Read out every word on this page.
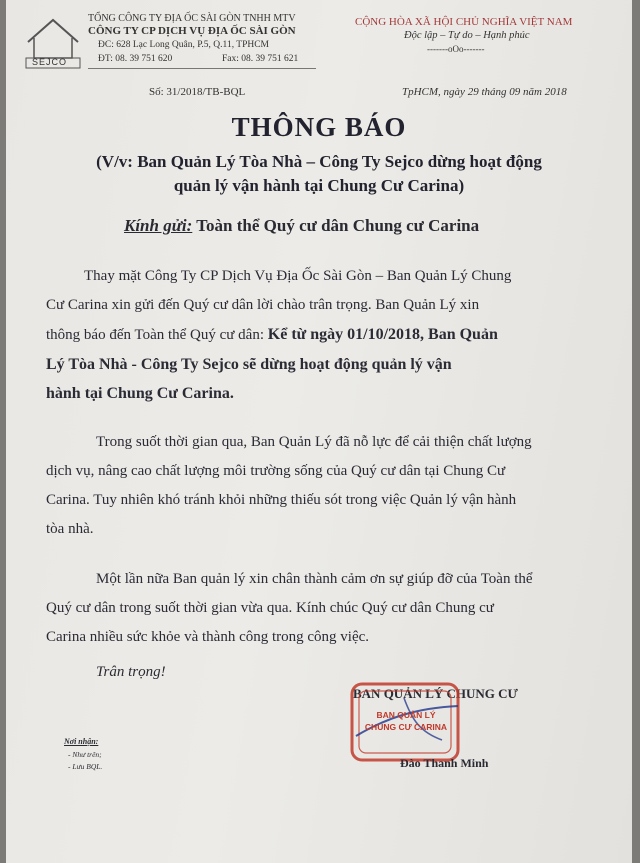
SEJCO
TỔNG CÔNG TY ĐỊA ỐC SÀI GÒN TNHH MTV
CÔNG TY CP DỊCH VỤ ĐỊA ỐC SÀI GÒN
ĐC: 628 Lạc Long Quân, P.5, Q.11, TPHCM
ĐT: 08. 39 751 620	Fax: 08. 39 751 621
CỘNG HÒA XÃ HỘI CHỦ NGHĨA VIỆT NAM
Độc lập – Tự do – Hạnh phúc
-------oOo-------
Số: 31/2018/TB-BQL	TpHCM, ngày 29 tháng 09 năm 2018
THÔNG BÁO
(V/v: Ban Quản Lý Tòa Nhà – Công Ty Sejco dừng hoạt động
quản lý vận hành tại Chung Cư Carina)
Kính gửi: Toàn thể Quý cư dân Chung cư Carina
Thay mặt Công Ty CP Dịch Vụ Địa Ốc Sài Gòn – Ban Quản Lý Chung
Cư Carina xin gửi đến Quý cư dân lời chào trân trọng. Ban Quản Lý xin
thông báo đến Toàn thể Quý cư dân: Kể từ ngày 01/10/2018, Ban Quản
Lý Tòa Nhà - Công Ty Sejco sẽ dừng hoạt động quản lý vận
hành tại Chung Cư Carina.
Trong suốt thời gian qua, Ban Quản Lý đã nỗ lực để cải thiện chất lượng
dịch vụ, nâng cao chất lượng môi trường sống của Quý cư dân tại Chung Cư
Carina. Tuy nhiên khó tránh khỏi những thiếu sót trong việc Quản lý vận hành
tòa nhà.
Một lần nữa Ban quản lý xin chân thành cảm ơn sự giúp đỡ của Toàn thể
Quý cư dân trong suốt thời gian vừa qua. Kính chúc Quý cư dân Chung cư
Carina nhiều sức khỏe và thành công trong công việc.
Trân trọng!
BAN QUẢN LÝ CHUNG CƯ
BAN QUẢN LÝ
CHUNG CƯ CARINA
Đào Thanh Minh
Nơi nhận:
- Như trên;
- Lưu BQL.
